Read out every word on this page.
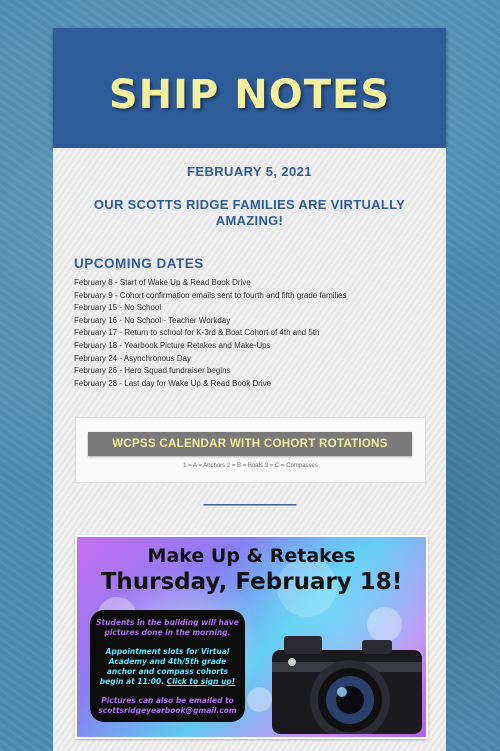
SHIP NOTES
FEBRUARY 5, 2021
OUR SCOTTS RIDGE FAMILIES ARE VIRTUALLY AMAZING!
UPCOMING DATES
February 8 - Start of Wake Up & Read Book Drive
February 9 - Cohort confirmation emails sent to fourth and fifth grade families
February 15 - No School
February 16 - No School - Teacher Workday
February 17 - Return to school for K-3rd & Boat Cohort of 4th and 5th
February 18 - Yearbook Picture Retakes and Make-Ups
February 24 - Asynchronous Day
February 26 - Hero Squad fundraiser begins
February 28 - Last day for Wake Up & Read Book Drive
WCPSS CALENDAR WITH COHORT ROTATIONS
1 = A = Anchors 2 = B = Boats 3 = C = Compasses
-------------------------------
Make Up & Retakes
Thursday, February 18!
Students in the building will have pictures done in the morning.
Appointment slots for Virtual Academy and 4th/5th grade anchor and compass cohorts begin at 11:00. Click to sign up!
Pictures can also be emailed to scottsridgeyearbook@gmail.com
